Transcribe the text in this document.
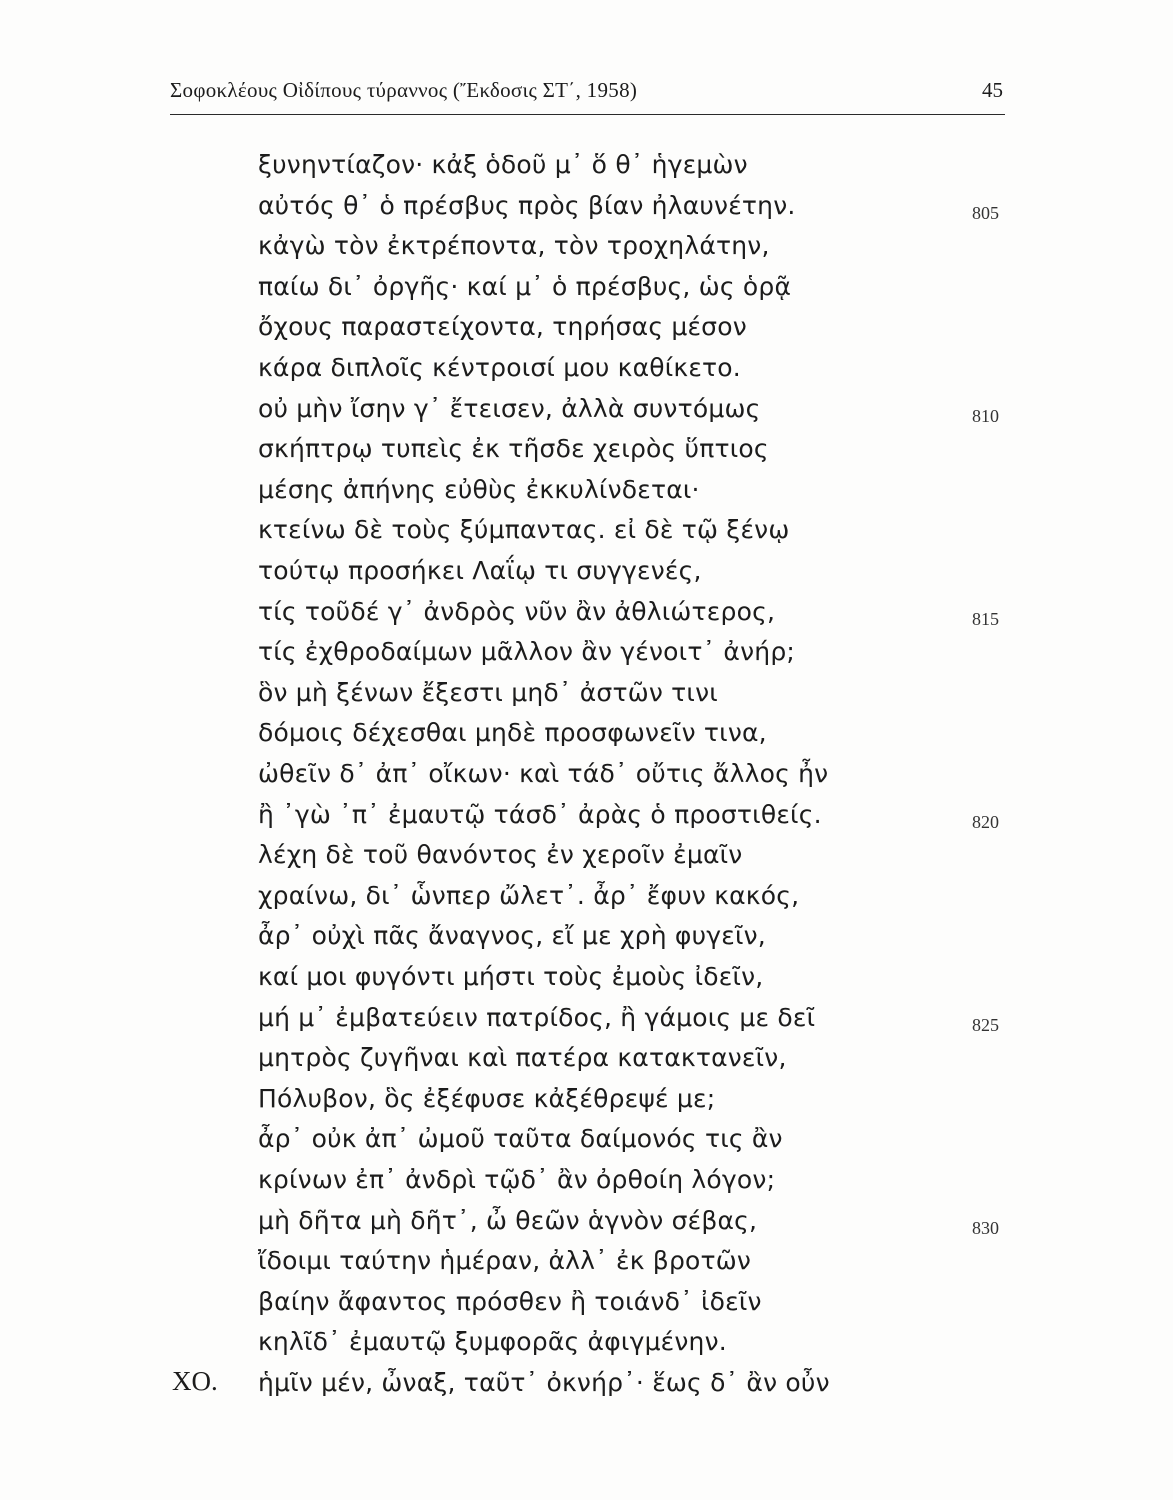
Σοφοκλέους Οἰδίπους τύραννος (Ἔκδοσις ΣΤ΄, 1958)	45
ξυνηντίαζον· κἀξ ὁδοῦ μ᾽ ὅ θ᾽ ἡγεμὼν
αὐτός θ᾽ ὁ πρέσβυς πρὸς βίαν ἠλαυνέτην.	805
κἀγὼ τὸν ἐκτρέποντα, τὸν τροχηλάτην,
παίω δι᾽ ὀργῆς· καί μ᾽ ὁ πρέσβυς, ὡς ὁρᾷ
ὄχους παραστείχοντα, τηρήσας μέσον
κάρα διπλοῖς κέντροισί μου καθίκετο.
οὐ μὴν ἴσην γ᾽ ἔτεισεν, ἀλλὰ συντόμως	810
σκήπτρῳ τυπεὶς ἐκ τῆσδε χειρὸς ὕπτιος
μέσης ἀπήνης εὐθὺς ἐκκυλίνδεται·
κτείνω δὲ τοὺς ξύμπαντας. εἰ δὲ τῷ ξένῳ
τούτῳ προσήκει Λαΐῳ τι συγγενές,
τίς τοῦδέ γ᾽ ἀνδρὸς νῦν ἂν ἀθλιώτερος,	815
τίς ἐχθροδαίμων μᾶλλον ἂν γένοιτ᾽ ἀνήρ;
ὃν μὴ ξένων ἔξεστι μηδ᾽ ἀστῶν τινι
δόμοις δέχεσθαι μηδὲ προσφωνεῖν τινα,
ὠθεῖν δ᾽ ἀπ᾽ οἴκων· καὶ τάδ᾽ οὔτις ἄλλος ἦν
ἢ ᾽γὼ ᾽π᾽ ἐμαυτῷ τάσδ᾽ ἀρὰς ὁ προστιθείς.	820
λέχη δὲ τοῦ θανόντος ἐν χεροῖν ἐμαῖν
χραίνω, δι᾽ ὧνπερ ὤλετ᾽. ἆρ᾽ ἔφυν κακός,
ἆρ᾽ οὐχὶ πᾶς ἄναγνος, εἴ με χρὴ φυγεῖν,
καί μοι φυγόντι μήστι τοὺς ἐμοὺς ἰδεῖν,
μή μ᾽ ἐμβατεύειν πατρίδος, ἢ γάμοις με δεῖ	825
μητρὸς ζυγῆναι καὶ πατέρα κατακτανεῖν,
Πόλυβον, ὃς ἐξέφυσε κἀξέθρεψέ με;
ἆρ᾽ οὐκ ἀπ᾽ ὠμοῦ ταῦτα δαίμονός τις ἂν
κρίνων ἐπ᾽ ἀνδρὶ τῷδ᾽ ἂν ὀρθοίη λόγον;
μὴ δῆτα μὴ δῆτ᾽, ὦ θεῶν ἁγνὸν σέβας,	830
ἴδοιμι ταύτην ἡμέραν, ἀλλ᾽ ἐκ βροτῶν
βαίην ἄφαντος πρόσθεν ἢ τοιάνδ᾽ ἰδεῖν
κηλῖδ᾽ ἐμαυτῷ ξυμφορᾶς ἀφιγμένην.
ΧΟ. ἡμῖν μέν, ὦναξ, ταῦτ᾽ ὀκνήρ᾽· ἕως δ᾽ ἂν οὖν
